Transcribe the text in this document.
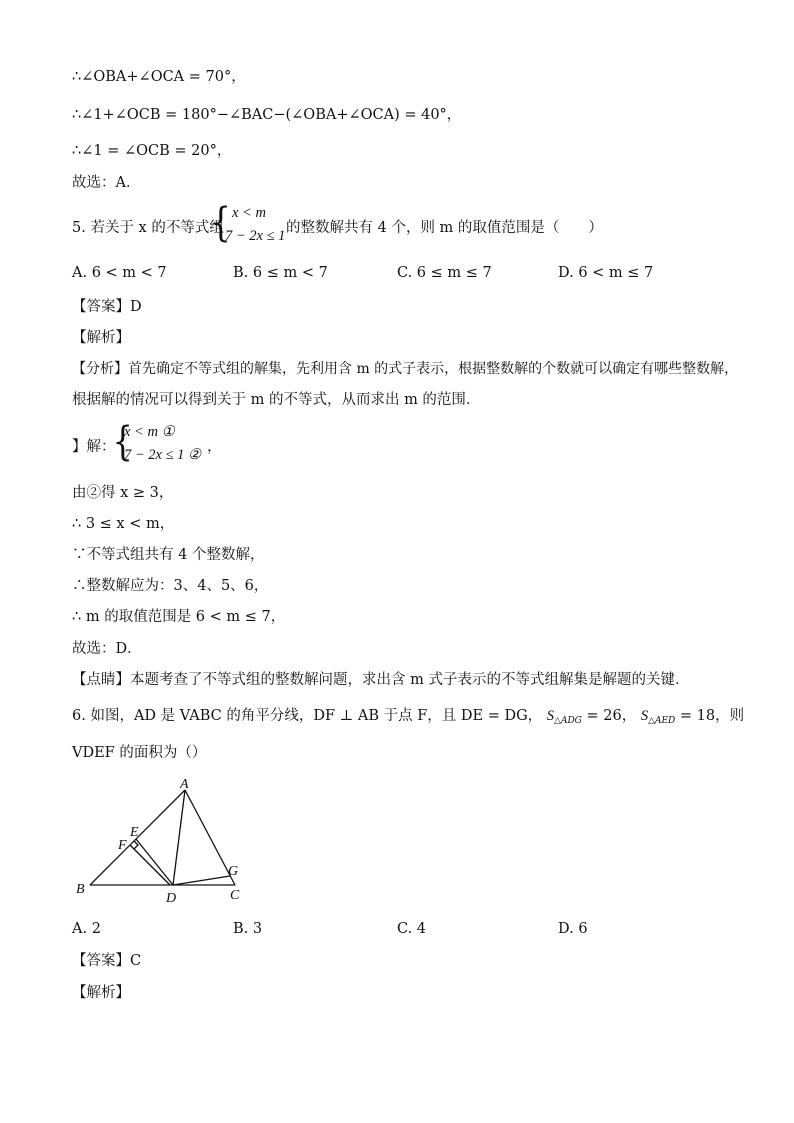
∴∠OBA+∠OCA = 70°，
∴∠1+∠OCB = 180°−∠BAC−(∠OBA+∠OCA) = 40°，
∴∠1 = ∠OCB = 20°，
故选：A．
5. 若关于 x 的不等式组
{ x < m
7 − 2x ≤ 1 的整数解共有 4 个，则 m 的取值范围是（　　）
A. 6 < m < 7	B. 6 ≤ m < 7	C. 6 ≤ m ≤ 7	D. 6 < m ≤ 7
【答案】D
【解析】
【分析】首先确定不等式组的解集，先利用含 m 的式子表示，根据整数解的个数就可以确定有哪些整数解，
根据解的情况可以得到关于 m 的不等式，从而求出 m 的范围．
】解：
{
x < m ①
7 − 2x ≤ 1 ② ，
由②得 x ≥ 3，
∴ 3 ≤ x < m，
∵不等式组共有 4 个整数解，
∴整数解应为：3、4、5、6，
∴ m 的取值范围是 6 < m ≤ 7，
故选：D．
【点睛】本题考查了不等式组的整数解问题，求出含 m 式子表示的不等式组解集是解题的关键．
6. 如图，AD 是 VABC 的角平分线，DF ⊥ AB 于点 F，且 DE = DG， $S_{\triangle ADG} = 26$， $S_{\triangle AED} = 18$，则
VDEF 的面积为（）
A
B	C
D
E
F
G
A. 2	B. 3	C. 4	D. 6
【答案】C
【解析】
